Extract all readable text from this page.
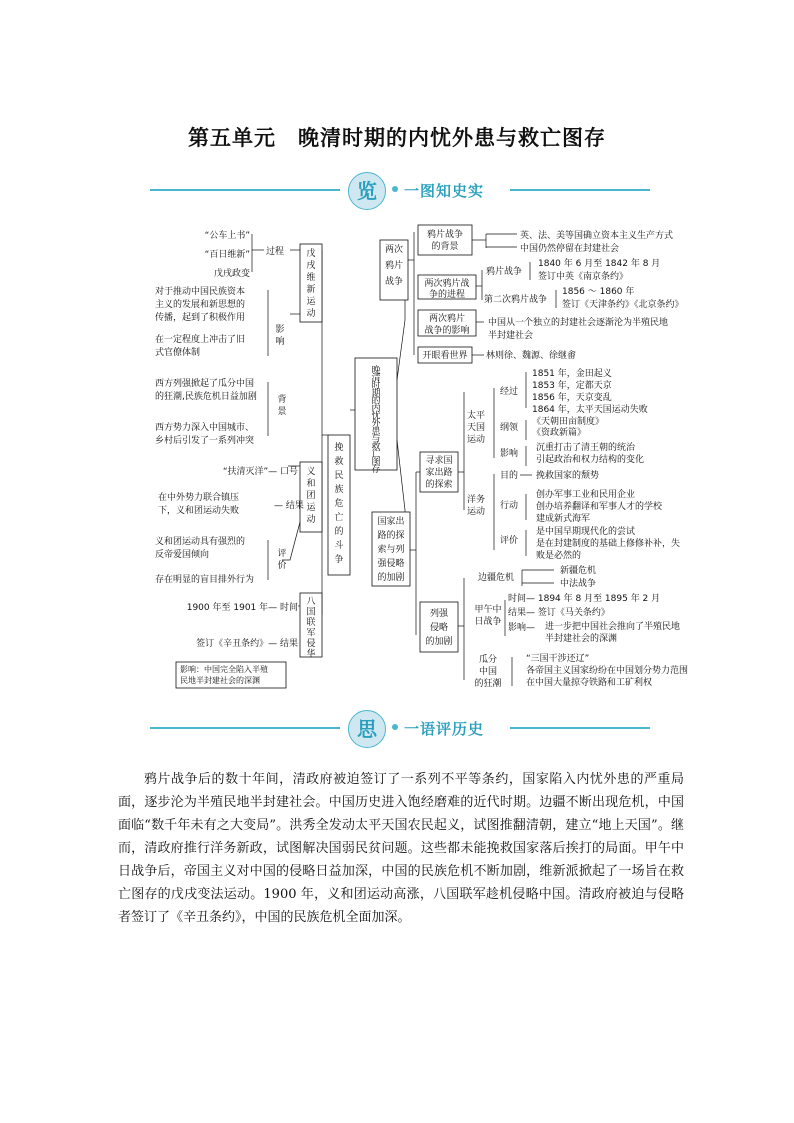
第五单元　晚清时期的内忧外患与救亡图存
览	一图知史实
晚
清
时
期
的
内
忧
外
患
与
救
亡
图
存
挽
救
民
族
危
亡
的
斗
争
戊
戌
维
新
运
动
“公车上书”
“百日维新”
戊戌政变
过程
对于推动中国民族资本
主义的发展和新思想的
传播，起到了积极作用
在一定程度上冲击了旧
式官僚体制
影
响
义
和
团
运
动
西方列强掀起了瓜分中国
的狂潮,民族危机日益加剧
西方势力深入中国城市、
乡村后引发了一系列冲突
背
景
“扶清灭洋”— 口号
在中外势力联合镇压
下，义和团运动失败	— 结果
义和团运动具有强烈的
反帝爱国倾向
存在明显的盲目排外行为
评
价
八
国
联
军
侵
华
1900 年至 1901 年— 时间
签订《辛丑条约》— 结果
影响：中国完全陷入半殖
民地半封建社会的深渊
两次
鸦片
战争
鸦片战争
的背景
英、法、美等国确立资本主义生产方式
中国仍然停留在封建社会
两次鸦片战
争的进程
鸦片战争
1840 年 6 月至 1842 年 8 月
签订中英《南京条约》
第二次鸦片战争
1856 ～ 1860 年
签订《天津条约》《北京条约》
两次鸦片
战争的影响
中国从一个独立的封建社会逐渐沦为半殖民地
半封建社会
开眼看世界 林则徐、魏源、徐继畬
寻求国
家出路
的探索
国家出
路的探
索与列
强侵略
的加剧
太平
天国
运动
经过
1851 年，金田起义
1853 年，定都天京
1856 年，天京变乱
1864 年，太平天国运动失败
纲领
《天朝田亩制度》
《资政新篇》
影响
沉重打击了清王朝的统治
引起政治和权力结构的变化
洋务
运动
目的 挽救国家的颓势
行动
创办军事工业和民用企业
创办培养翻译和军事人才的学校
建成新式海军
评价
是中国早期现代化的尝试
是在封建制度的基础上修修补补，失
败是必然的
列强
侵略
的加剧
边疆危机
新疆危机
中法战争
甲午中
日战争
时间— 1894 年 8 月至 1895 年 2 月
结果— 签订《马关条约》
影响— 进一步把中国社会推向了半殖民地
半封建社会的深渊
瓜分
中国
的狂潮
“三国干涉还辽”
各帝国主义国家纷纷在中国划分势力范围
在中国大量掠夺铁路和工矿利权
思	一语评历史

鸦片战争后的数十年间，清政府被迫签订了一系列不平等条约，国家陷入内忧外患的严重局面，逐步沦为半殖民地半封建社会。中国历史进入饱经磨难的近代时期。边疆不断出现危机，中国面临“数千年未有之大变局”。洪秀全发动太平天国农民起义，试图推翻清朝，建立“地上天国”。继而，清政府推行洋务新政，试图解决国弱民贫问题。这些都未能挽救国家落后挨打的局面。甲午中日战争后，帝国主义对中国的侵略日益加深，中国的民族危机不断加剧，维新派掀起了一场旨在救亡图存的戊戌变法运动。1900 年，义和团运动高涨，八国联军趁机侵略中国。清政府被迫与侵略者签订了《辛丑条约》，中国的民族危机全面加深。
